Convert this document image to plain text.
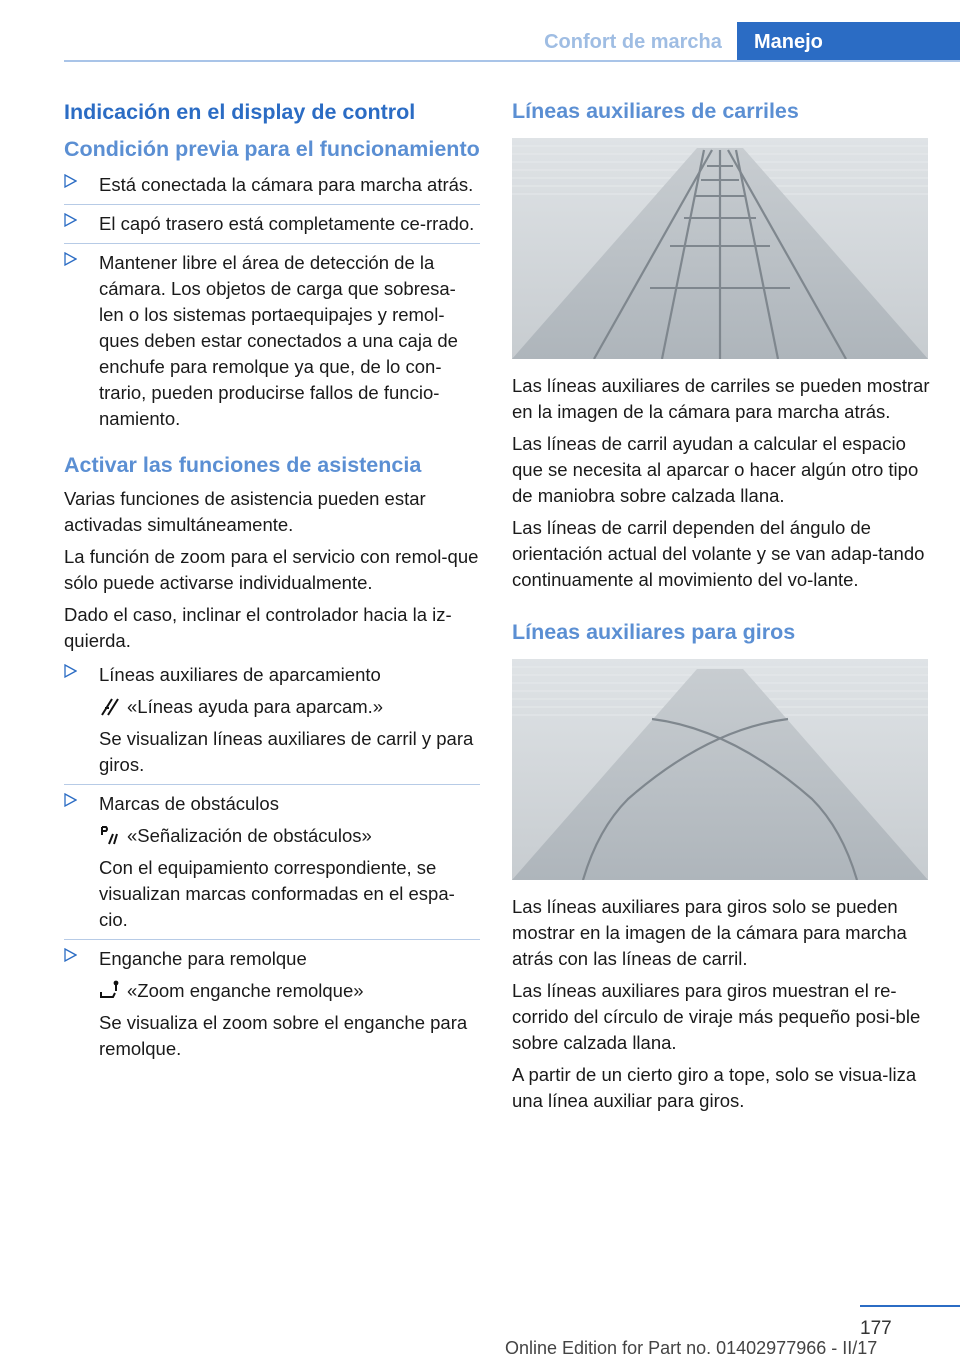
Confort de marcha	Manejo
Indicación en el display de control
Condición previa para el funcionamiento
Está conectada la cámara para marcha atrás.
El capó trasero está completamente ce‐rrado.
Mantener libre el área de detección de la cámara. Los objetos de carga que sobresa‐len o los sistemas portaequipajes y remol‐ques deben estar conectados a una caja de enchufe para remolque ya que, de lo con‐trario, pueden producirse fallos de funcio‐namiento.
Activar las funciones de asistencia

Varias funciones de asistencia pueden estar activadas simultáneamente.

La función de zoom para el servicio con remol‐que sólo puede activarse individualmente.

Dado el caso, inclinar el controlador hacia la iz‐quierda.

Líneas auxiliares de aparcamiento
«Líneas ayuda para aparcam.»
Se visualizan líneas auxiliares de carril y para giros.
Marcas de obstáculos
«Señalización de obstáculos»
Con el equipamiento correspondiente, se visualizan marcas conformadas en el espa‐cio.
Enganche para remolque
«Zoom enganche remolque»
Se visualiza el zoom sobre el enganche para remolque.
Líneas auxiliares de carriles

Las líneas auxiliares de carriles se pueden mostrar en la imagen de la cámara para marcha atrás.

Las líneas de carril ayudan a calcular el espacio que se necesita al aparcar o hacer algún otro tipo de maniobra sobre calzada llana.

Las líneas de carril dependen del ángulo de orientación actual del volante y se van adap‐tando continuamente al movimiento del vo‐lante.

Líneas auxiliares para giros

Las líneas auxiliares para giros solo se pueden mostrar en la imagen de la cámara para marcha atrás con las líneas de carril.

Las líneas auxiliares para giros muestran el re‐corrido del círculo de viraje más pequeño posi‐ble sobre calzada llana.

A partir de un cierto giro a tope, solo se visua‐liza una línea auxiliar para giros.

177
Online Edition for Part no. 01402977966 - II/17
